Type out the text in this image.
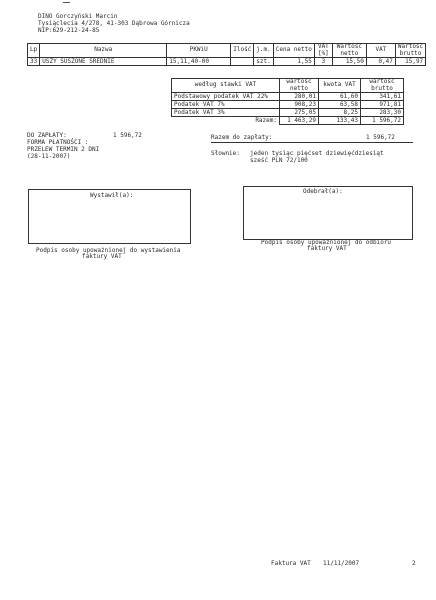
DINO Gorczyński Marcin
Tysiąclecia 4/278, 41-303 Dąbrowa Górnicza
NIP:629-212-24-85
Lp	Nazwa	PKWiU	Ilość	j.m.	Cena netto	VAT [%]	Wartość netto	VAT	Wartość brutto
33	USZY SUSZONE ŚREDNIE	15,11,40-00		szt.	1,55	3	15,50	0,47	15,97
według stawki VAT	wartość netto	kwota VAT	wartość brutto
Podstawowy podatek VAT 22%	280,01	61,60	341,61
Podatek VAT 7%	908,23	63,58	971,81
Podatek VAT 3%	275,05	8,25	283,30
Razem:	1 463,29	133,43	1 596,72
DO ZAPŁATY:	1 596,72
FORMA PŁATNOŚCI :
PRZELEW TERMIN 2 DNI
(28-11-2007)
Razem do zapłaty:	1 596,72
Słownie: jeden tysiąc pięćset dziewięćdziesiąt
sześć PLN 72/100
Wystawił(a):
Podpis osoby upoważnionej do wystawienia
faktury VAT
Odebrał(a):
Podpis osoby upoważnionej do odbioru
faktury VAT
Faktura VAT 11/11/2007	2
